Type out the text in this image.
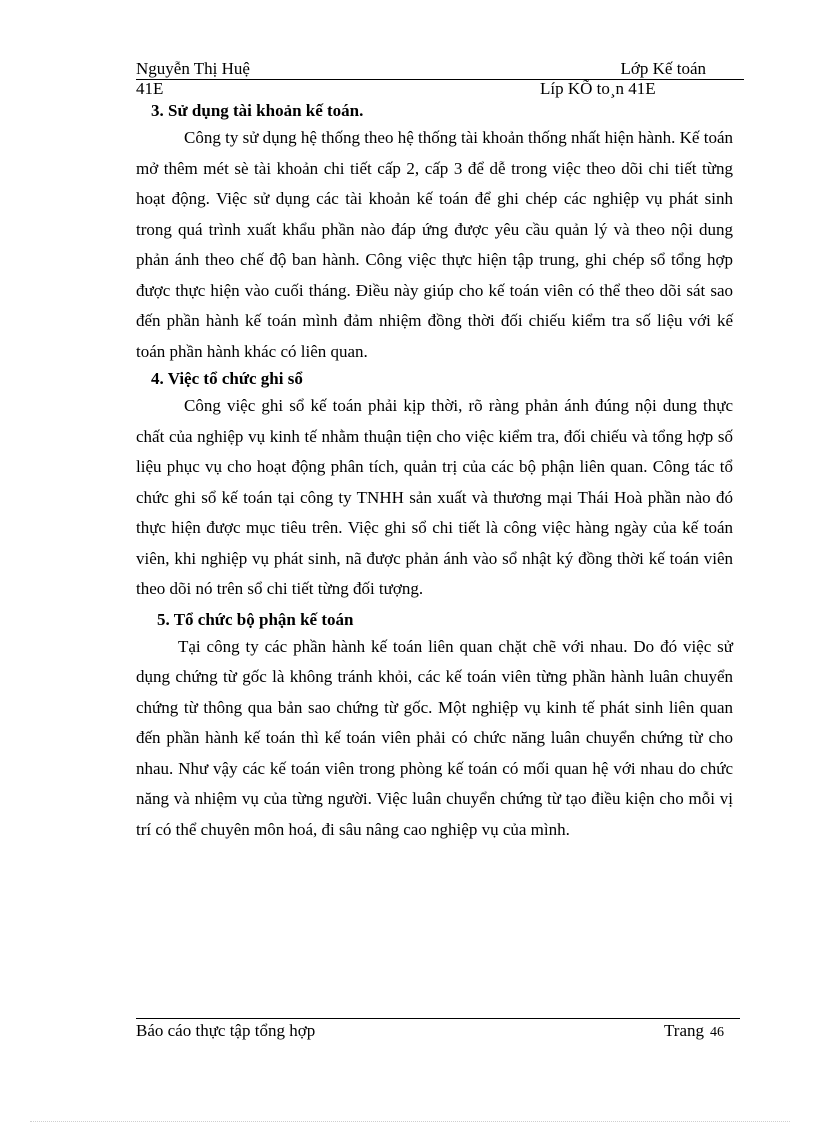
Nguyễn Thị Huệ	Lớp Kế toán
41E	Líp KÕ to¸n 41E

3. Sử dụng tài khoản kế toán.

Công ty sử dụng hệ thống theo hệ thống tài khoản thống nhất hiện hành. Kế toán mở thêm mét sè tài khoản chi tiết cấp 2, cấp 3 để dễ trong việc theo dõi chi tiết từng hoạt động. Việc sử dụng các tài khoản kế toán để ghi chép các nghiệp vụ phát sinh trong quá trình xuất khẩu phần nào đáp ứng được yêu cầu quản lý và theo nội dung phản ánh theo chế độ ban hành. Công việc thực hiện tập trung, ghi chép sổ tổng hợp được thực hiện vào cuối tháng. Điều này giúp cho kế toán viên có thể theo dõi sát sao đến phần hành kế toán mình đảm nhiệm đồng thời đối chiếu kiểm tra số liệu với kế toán phần hành khác có liên quan.

4. Việc tổ chức ghi sổ

Công việc ghi sổ kế toán phải kịp thời, rõ ràng phản ánh đúng nội dung thực chất của nghiệp vụ kinh tế nhằm thuận tiện cho việc kiểm tra, đối chiếu và tổng hợp số liệu phục vụ cho hoạt động phân tích, quản trị của các bộ phận liên quan. Công tác tổ chức ghi sổ kế toán tại công ty TNHH sản xuất và thương mại Thái Hoà phần nào đó thực hiện được mục tiêu trên. Việc ghi sổ chi tiết là công việc hàng ngày của kế toán viên, khi nghiệp vụ phát sinh, nã được phản ánh vào sổ nhật ký đồng thời kế toán viên theo dõi nó trên sổ chi tiết từng đối tượng.

5. Tổ chức bộ phận kế toán

Tại công ty các phần hành kế toán liên quan chặt chẽ với nhau. Do đó việc sử dụng chứng từ gốc là không tránh khỏi, các kế toán viên từng phần hành luân chuyển chứng từ thông qua bản sao chứng từ gốc. Một nghiệp vụ kinh tế phát sinh liên quan đến phần hành kế toán thì kế toán viên phải có chức năng luân chuyển chứng từ cho nhau. Như vậy các kế toán viên trong phòng kế toán có mối quan hệ với nhau do chức năng và nhiệm vụ của từng người. Việc luân chuyển chứng từ tạo điều kiện cho mỗi vị trí có thể chuyên môn hoá, đi sâu nâng cao nghiệp vụ của mình.

Báo cáo thực tập tổng hợp	Trang 46
